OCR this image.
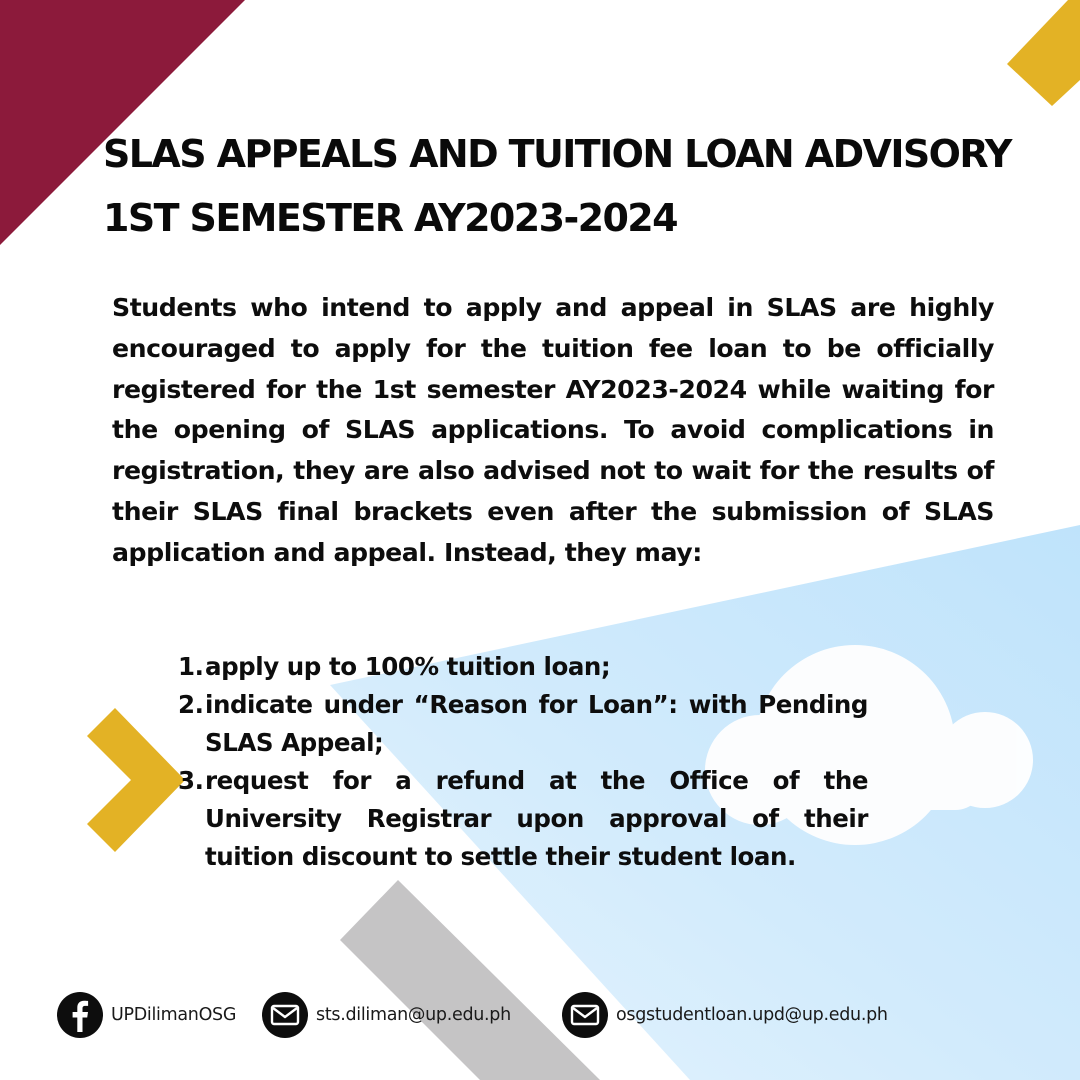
SLAS APPEALS AND TUITION LOAN ADVISORY
1ST SEMESTER AY2023-2024

Students who intend to apply and appeal in SLAS are highly encouraged to apply for the tuition fee loan to be officially registered for the 1st semester AY2023-2024 while waiting for the opening of SLAS applications. To avoid complications in registration, they are also advised not to wait for the results of their SLAS final brackets even after the submission of SLAS application and appeal. Instead, they may:

1. apply up to 100% tuition loan;
2. indicate under “Reason for Loan”: with Pending SLAS Appeal;
3. request for a refund at the Office of the University Registrar upon approval of their tuition discount to settle their student loan.
UPDilimanOSG	sts.diliman@up.edu.ph	osgstudentloan.upd@up.edu.ph
